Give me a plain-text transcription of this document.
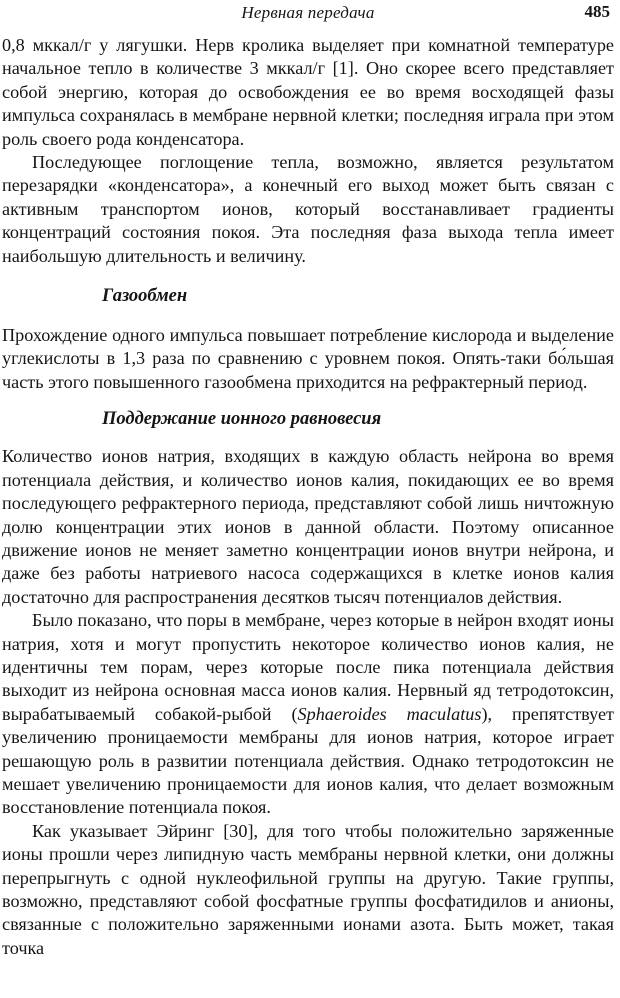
Нервная передача	485

0,8 мккал/г у лягушки. Нерв кролика выделяет при комнатной температуре начальное тепло в количестве 3 мккал/г [1]. Оно скорее всего представляет собой энергию, которая до освобождения ее во время восходящей фазы импульса сохранялась в мембране нервной клетки; последняя играла при этом роль своего рода конденсатора.

Последующее поглощение тепла, возможно, является результатом перезарядки «конденсатора», а конечный его выход может быть связан с активным транспортом ионов, который восстанавливает градиенты концентраций состояния покоя. Эта последняя фаза выхода тепла имеет наибольшую длительность и величину.

Газообмен

Прохождение одного импульса повышает потребление кислорода и выделение углекислоты в 1,3 раза по сравнению с уровнем покоя. Опять-таки бо́льшая часть этого повышенного газообмена приходится на рефрактерный период.

Поддержание ионного равновесия

Количество ионов натрия, входящих в каждую область нейрона во время потенциала действия, и количество ионов калия, покидающих ее во время последующего рефрактерного периода, представляют собой лишь ничтожную долю концентрации этих ионов в данной области. Поэтому описанное движение ионов не меняет заметно концентрации ионов внутри нейрона, и даже без работы натриевого насоса содержащихся в клетке ионов калия достаточно для распространения десятков тысяч потенциалов действия.

Было показано, что поры в мембране, через которые в нейрон входят ионы натрия, хотя и могут пропустить некоторое количество ионов калия, не идентичны тем порам, через которые после пика потенциала действия выходит из нейрона основная масса ионов калия. Нервный яд тетродотоксин, вырабатываемый собакой-рыбой (Sphaeroides maculatus), препятствует увеличению проницаемости мембраны для ионов натрия, которое играет решающую роль в развитии потенциала действия. Однако тетродотоксин не мешает увеличению проницаемости для ионов калия, что делает возможным восстановление потенциала покоя.

Как указывает Эйринг [30], для того чтобы положительно заряженные ионы прошли через липидную часть мембраны нервной клетки, они должны перепрыгнуть с одной нуклеофильной группы на другую. Такие группы, возможно, представляют собой фосфатные группы фосфатидилов и анионы, связанные с положительно заряженными ионами азота. Быть может, такая точка
